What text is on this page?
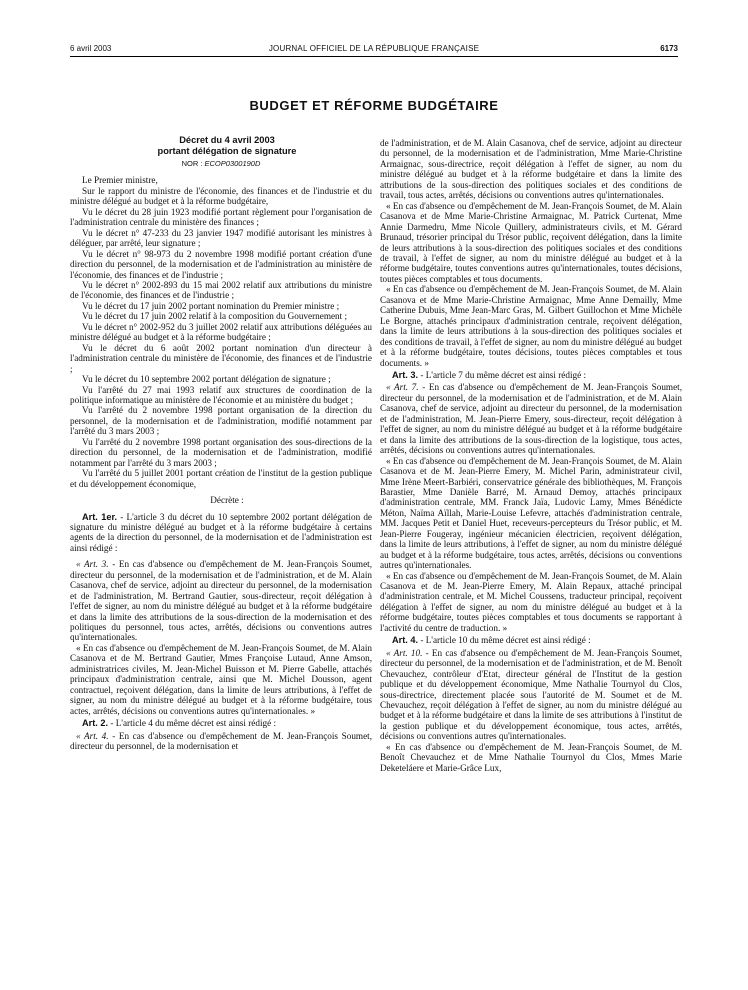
6 avril 2003	JOURNAL OFFICIEL DE LA RÉPUBLIQUE FRANÇAISE	6173
BUDGET ET RÉFORME BUDGÉTAIRE

Décret du 4 avril 2003

portant délégation de signature

NOR : ECOP0300190D

Le Premier ministre,

Sur le rapport du ministre de l'économie, des finances et de l'industrie et du ministre délégué au budget et à la réforme budgétaire,

Vu le décret du 28 juin 1923 modifié portant règlement pour l'organisation de l'administration centrale du ministère des finances ;

Vu le décret n° 47-233 du 23 janvier 1947 modifié autorisant les ministres à déléguer, par arrêté, leur signature ;

Vu le décret n° 98-973 du 2 novembre 1998 modifié portant création d'une direction du personnel, de la modernisation et de l'administration au ministère de l'économie, des finances et de l'industrie ;

Vu le décret n° 2002-893 du 15 mai 2002 relatif aux attributions du ministre de l'économie, des finances et de l'industrie ;

Vu le décret du 17 juin 2002 portant nomination du Premier ministre ;

Vu le décret du 17 juin 2002 relatif à la composition du Gouvernement ;

Vu le décret n° 2002-952 du 3 juillet 2002 relatif aux attributions déléguées au ministre délégué au budget et à la réforme budgétaire ;

Vu le décret du 6 août 2002 portant nomination d'un directeur à l'administration centrale du ministère de l'économie, des finances et de l'industrie ;

Vu le décret du 10 septembre 2002 portant délégation de signature ;

Vu l'arrêté du 27 mai 1993 relatif aux structures de coordination de la politique informatique au ministère de l'économie et au ministère du budget ;

Vu l'arrêté du 2 novembre 1998 portant organisation de la direction du personnel, de la modernisation et de l'administration, modifié notamment par l'arrêté du 3 mars 2003 ;

Vu l'arrêté du 2 novembre 1998 portant organisation des sous-directions de la direction du personnel, de la modernisation et de l'administration, modifié notamment par l'arrêté du 3 mars 2003 ;

Vu l'arrêté du 5 juillet 2001 portant création de l'institut de la gestion publique et du développement économique,

Décrète :

Art. 1er. - L'article 3 du décret du 10 septembre 2002 portant délégation de signature du ministre délégué au budget et à la réforme budgétaire à certains agents de la direction du personnel, de la modernisation et de l'administration est ainsi rédigé :

« Art. 3. - En cas d'absence ou d'empêchement de M. Jean-François Soumet, directeur du personnel, de la modernisation et de l'administration, et de M. Alain Casanova, chef de service, adjoint au directeur du personnel, de la modernisation et de l'administration, M. Bertrand Gautier, sous-directeur, reçoit délégation à l'effet de signer, au nom du ministre délégué au budget et à la réforme budgétaire et dans la limite des attributions de la sous-direction de la modernisation et des politiques du personnel, tous actes, arrêtés, décisions ou conventions autres qu'internationales.

« En cas d'absence ou d'empêchement de M. Jean-François Soumet, de M. Alain Casanova et de M. Bertrand Gautier, Mmes Françoise Lutaud, Anne Amson, administratrices civiles, M. Jean-Michel Buisson et M. Pierre Gabelle, attachés principaux d'administration centrale, ainsi que M. Michel Dousson, agent contractuel, reçoivent délégation, dans la limite de leurs attributions, à l'effet de signer, au nom du ministre délégué au budget et à la réforme budgétaire, tous actes, arrêtés, décisions ou conventions autres qu'internationales. »

Art. 2. - L'article 4 du même décret est ainsi rédigé :

« Art. 4. - En cas d'absence ou d'empêchement de M. Jean-François Soumet, directeur du personnel, de la modernisation et

de l'administration, et de M. Alain Casanova, chef de service, adjoint au directeur du personnel, de la modernisation et de l'administration, Mme Marie-Christine Armaignac, sous-directrice, reçoit délégation à l'effet de signer, au nom du ministre délégué au budget et à la réforme budgétaire et dans la limite des attributions de la sous-direction des politiques sociales et des conditions de travail, tous actes, arrêtés, décisions ou conventions autres qu'internationales.

« En cas d'absence ou d'empêchement de M. Jean-François Soumet, de M. Alain Casanova et de Mme Marie-Christine Armaignac, M. Patrick Curtenat, Mme Annie Darmedru, Mme Nicole Quillery, administrateurs civils, et M. Gérard Brunaud, trésorier principal du Trésor public, reçoivent délégation, dans la limite de leurs attributions à la sous-direction des politiques sociales et des conditions de travail, à l'effet de signer, au nom du ministre délégué au budget et à la réforme budgétaire, toutes conventions autres qu'internationales, toutes décisions, toutes pièces comptables et tous documents.

« En cas d'absence ou d'empêchement de M. Jean-François Soumet, de M. Alain Casanova et de Mme Marie-Christine Armaignac, Mme Anne Demailly, Mme Catherine Dubuis, Mme Jean-Marc Gras, M. Gilbert Guillochon et Mme Michèle Le Borgne, attachés principaux d'administration centrale, reçoivent délégation, dans la limite de leurs attributions à la sous-direction des politiques sociales et des conditions de travail, à l'effet de signer, au nom du ministre délégué au budget et à la réforme budgétaire, toutes décisions, toutes pièces comptables et tous documents. »

Art. 3. - L'article 7 du même décret est ainsi rédigé :

« Art. 7. - En cas d'absence ou d'empêchement de M. Jean-François Soumet, directeur du personnel, de la modernisation et de l'administration, et de M. Alain Casanova, chef de service, adjoint au directeur du personnel, de la modernisation et de l'administration, M. Jean-Pierre Emery, sous-directeur, reçoit délégation à l'effet de signer, au nom du ministre délégué au budget et à la réforme budgétaire et dans la limite des attributions de la sous-direction de la logistique, tous actes, arrêtés, décisions ou conventions autres qu'internationales.

« En cas d'absence ou d'empêchement de M. Jean-François Soumet, de M. Alain Casanova et de M. Jean-Pierre Emery, M. Michel Parin, administrateur civil, Mme Irène Meert-Barbiéri, conservatrice générale des bibliothèques, M. François Barastier, Mme Danièle Barré, M. Arnaud Demoy, attachés principaux d'administration centrale, MM. Franck Jaïa, Ludovic Lamy, Mmes Bénédicte Méton, Naïma Aïllah, Marie-Louise Lefevre, attachés d'administration centrale, MM. Jacques Petit et Daniel Huet, receveurs-percepteurs du Trésor public, et M. Jean-Pierre Fougeray, ingénieur mécanicien électricien, reçoivent délégation, dans la limite de leurs attributions, à l'effet de signer, au nom du ministre délégué au budget et à la réforme budgétaire, tous actes, arrêtés, décisions ou conventions autres qu'internationales.

« En cas d'absence ou d'empêchement de M. Jean-François Soumet, de M. Alain Casanova et de M. Jean-Pierre Emery, M. Alain Repaux, attaché principal d'administration centrale, et M. Michel Coussens, traducteur principal, reçoivent délégation à l'effet de signer, au nom du ministre délégué au budget et à la réforme budgétaire, toutes pièces comptables et tous documents se rapportant à l'activité du centre de traduction. »

Art. 4. - L'article 10 du même décret est ainsi rédigé :

« Art. 10. - En cas d'absence ou d'empêchement de M. Jean-François Soumet, directeur du personnel, de la modernisation et de l'administration, et de M. Benoît Chevauchez, contrôleur d'Etat, directeur général de l'Institut de la gestion publique et du développement économique, Mme Nathalie Tournyol du Clos, sous-directrice, directement placée sous l'autorité de M. Soumet et de M. Chevauchez, reçoit délégation à l'effet de signer, au nom du ministre délégué au budget et à la réforme budgétaire et dans la limite de ses attributions à l'institut de la gestion publique et du développement économique, tous actes, arrêtés, décisions ou conventions autres qu'internationales.

« En cas d'absence ou d'empêchement de M. Jean-François Soumet, de M. Benoît Chevauchez et de Mme Nathalie Tournyol du Clos, Mmes Marie Deketeláere et Marie-Grâce Lux,
